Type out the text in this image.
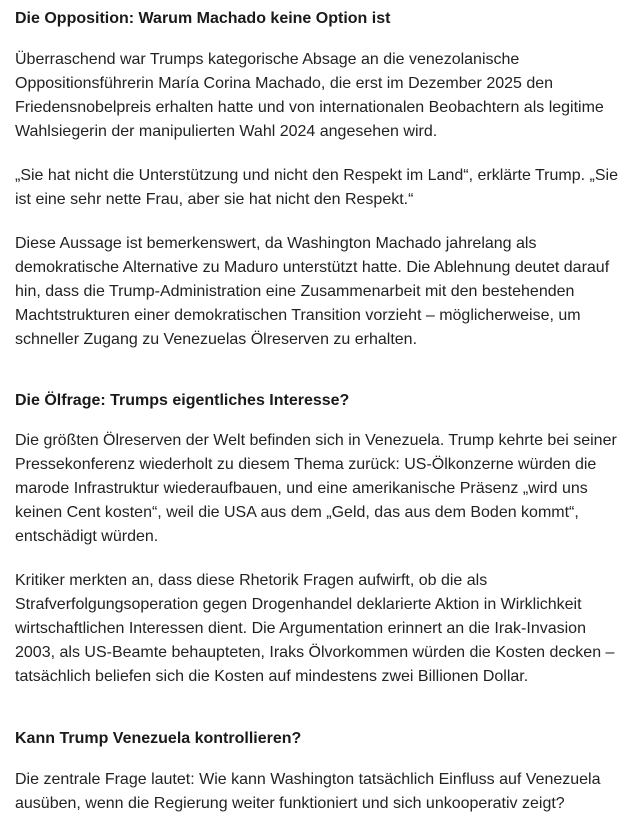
Die Opposition: Warum Machado keine Option ist

Überraschend war Trumps kategorische Absage an die venezolanische
Oppositionsführerin María Corina Machado, die erst im Dezember 2025 den
Friedensnobelpreis erhalten hatte und von internationalen Beobachtern als legitime
Wahlsiegerin der manipulierten Wahl 2024 angesehen wird.

„Sie hat nicht die Unterstützung und nicht den Respekt im Land“, erklärte Trump. „Sie
ist eine sehr nette Frau, aber sie hat nicht den Respekt.“

Diese Aussage ist bemerkenswert, da Washington Machado jahrelang als
demokratische Alternative zu Maduro unterstützt hatte. Die Ablehnung deutet darauf
hin, dass die Trump-Administration eine Zusammenarbeit mit den bestehenden
Machtstrukturen einer demokratischen Transition vorzieht – möglicherweise, um
schneller Zugang zu Venezuelas Ölreserven zu erhalten.

Die Ölfrage: Trumps eigentliches Interesse?

Die größten Ölreserven der Welt befinden sich in Venezuela. Trump kehrte bei seiner
Pressekonferenz wiederholt zu diesem Thema zurück: US-Ölkonzerne würden die
marode Infrastruktur wiederaufbauen, und eine amerikanische Präsenz „wird uns
keinen Cent kosten“, weil die USA aus dem „Geld, das aus dem Boden kommt“,
entschädigt würden.

Kritiker merkten an, dass diese Rhetorik Fragen aufwirft, ob die als
Strafverfolgungsoperation gegen Drogenhandel deklarierte Aktion in Wirklichkeit
wirtschaftlichen Interessen dient. Die Argumentation erinnert an die Irak-Invasion
2003, als US-Beamte behaupteten, Iraks Ölvorkommen würden die Kosten decken –
tatsächlich beliefen sich die Kosten auf mindestens zwei Billionen Dollar.

Kann Trump Venezuela kontrollieren?

Die zentrale Frage lautet: Wie kann Washington tatsächlich Einfluss auf Venezuela
ausüben, wenn die Regierung weiter funktioniert und sich unkooperativ zeigt?
